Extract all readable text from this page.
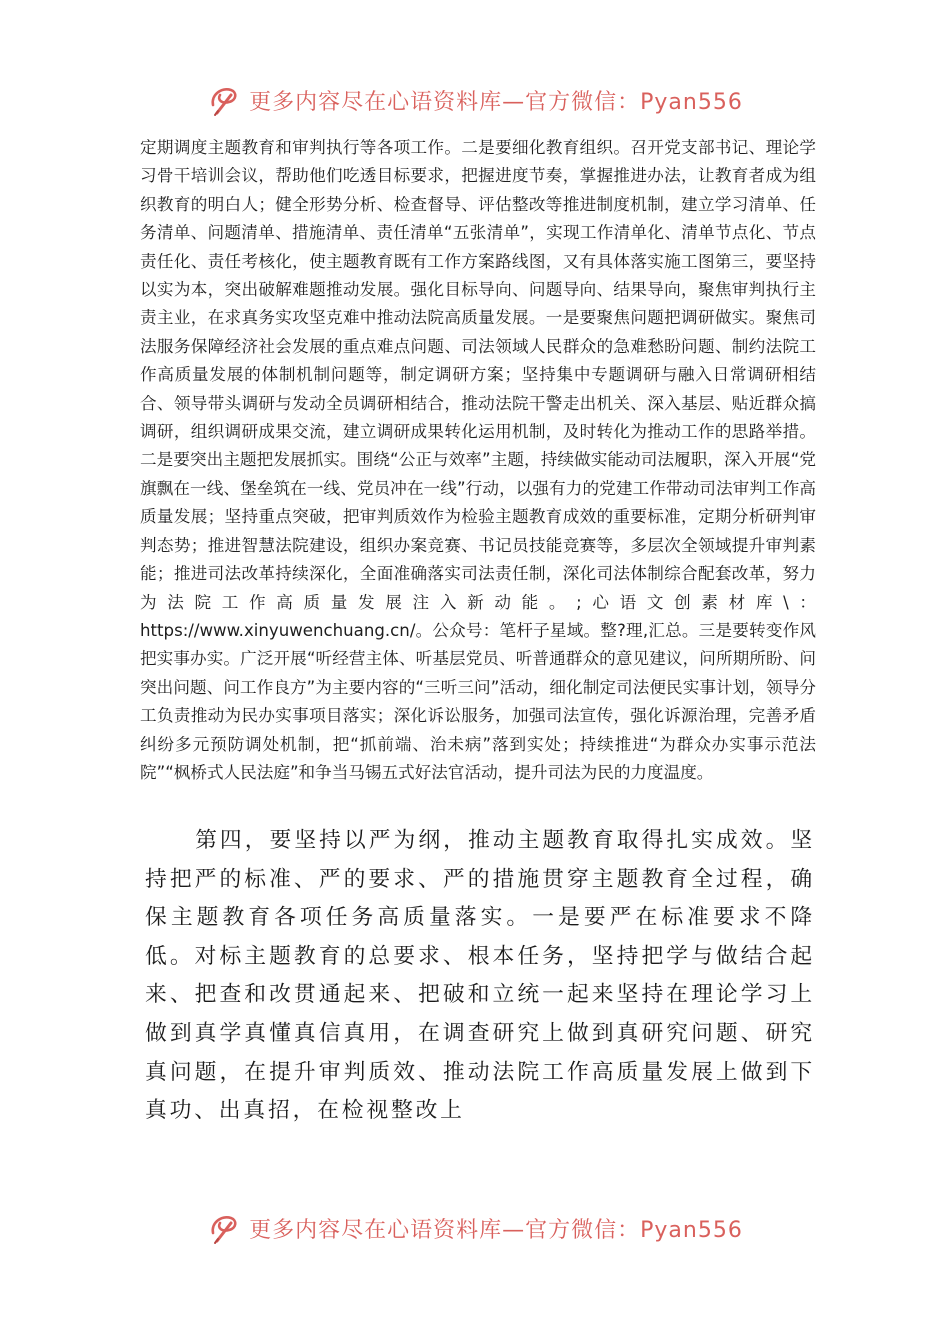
更多内容尽在心语资料库—官方微信：Pyan556

定期调度主题教育和审判执行等各项工作。二是要细化教育组织。召开党支部书记、理论学习骨干培训会议，帮助他们吃透目标要求，把握进度节奏，掌握推进办法，让教育者成为组织教育的明白人；健全形势分析、检查督导、评估整改等推进制度机制，建立学习清单、任务清单、问题清单、措施清单、责任清单“五张清单”，实现工作清单化、清单节点化、节点责任化、责任考核化，使主题教育既有工作方案路线图，又有具体落实施工图第三，要坚持以实为本，突出破解难题推动发展。强化目标导向、问题导向、结果导向，聚焦审判执行主责主业，在求真务实攻坚克难中推动法院高质量发展。一是要聚焦问题把调研做实。聚焦司法服务保障经济社会发展的重点难点问题、司法领域人民群众的急难愁盼问题、制约法院工作高质量发展的体制机制问题等，制定调研方案；坚持集中专题调研与融入日常调研相结合、领导带头调研与发动全员调研相结合，推动法院干警走出机关、深入基层、贴近群众搞调研，组织调研成果交流，建立调研成果转化运用机制，及时转化为推动工作的思路举措。二是要突出主题把发展抓实。围绕“公正与效率”主题，持续做实能动司法履职，深入开展“党旗飘在一线、堡垒筑在一线、党员冲在一线”行动，以强有力的党建工作带动司法审判工作高质量发展；坚持重点突破，把审判质效作为检验主题教育成效的重要标准，定期分析研判审判态势；推进智慧法院建设，组织办案竞赛、书记员技能竞赛等，多层次全领域提升审判素能；推进司法改革持续深化，全面准确落实司法责任制，深化司法体制综合配套改革，努力为法院工作高质量发展注入新动能。;心语文创素材库\：https://www.xinyuwenchuang.cn/。公众号：笔杆子星域。整?理,汇总。三是要转变作风把实事办实。广泛开展“听经营主体、听基层党员、听普通群众的意见建议，问所期所盼、问突出问题、问工作良方”为主要内容的“三听三问”活动，细化制定司法便民实事计划，领导分工负责推动为民办实事项目落实；深化诉讼服务，加强司法宣传，强化诉源治理，完善矛盾纠纷多元预防调处机制，把“抓前端、治未病”落到实处；持续推进“为群众办实事示范法院”“枫桥式人民法庭”和争当马锡五式好法官活动，提升司法为民的力度温度。

第四，要坚持以严为纲，推动主题教育取得扎实成效。坚持把严的标准、严的要求、严的措施贯穿主题教育全过程，确保主题教育各项任务高质量落实。一是要严在标准要求不降低。对标主题教育的总要求、根本任务，坚持把学与做结合起来、把查和改贯通起来、把破和立统一起来坚持在理论学习上做到真学真懂真信真用，在调查研究上做到真研究问题、研究真问题，在提升审判质效、推动法院工作高质量发展上做到下真功、出真招，在检视整改上

更多内容尽在心语资料库—官方微信：Pyan556
